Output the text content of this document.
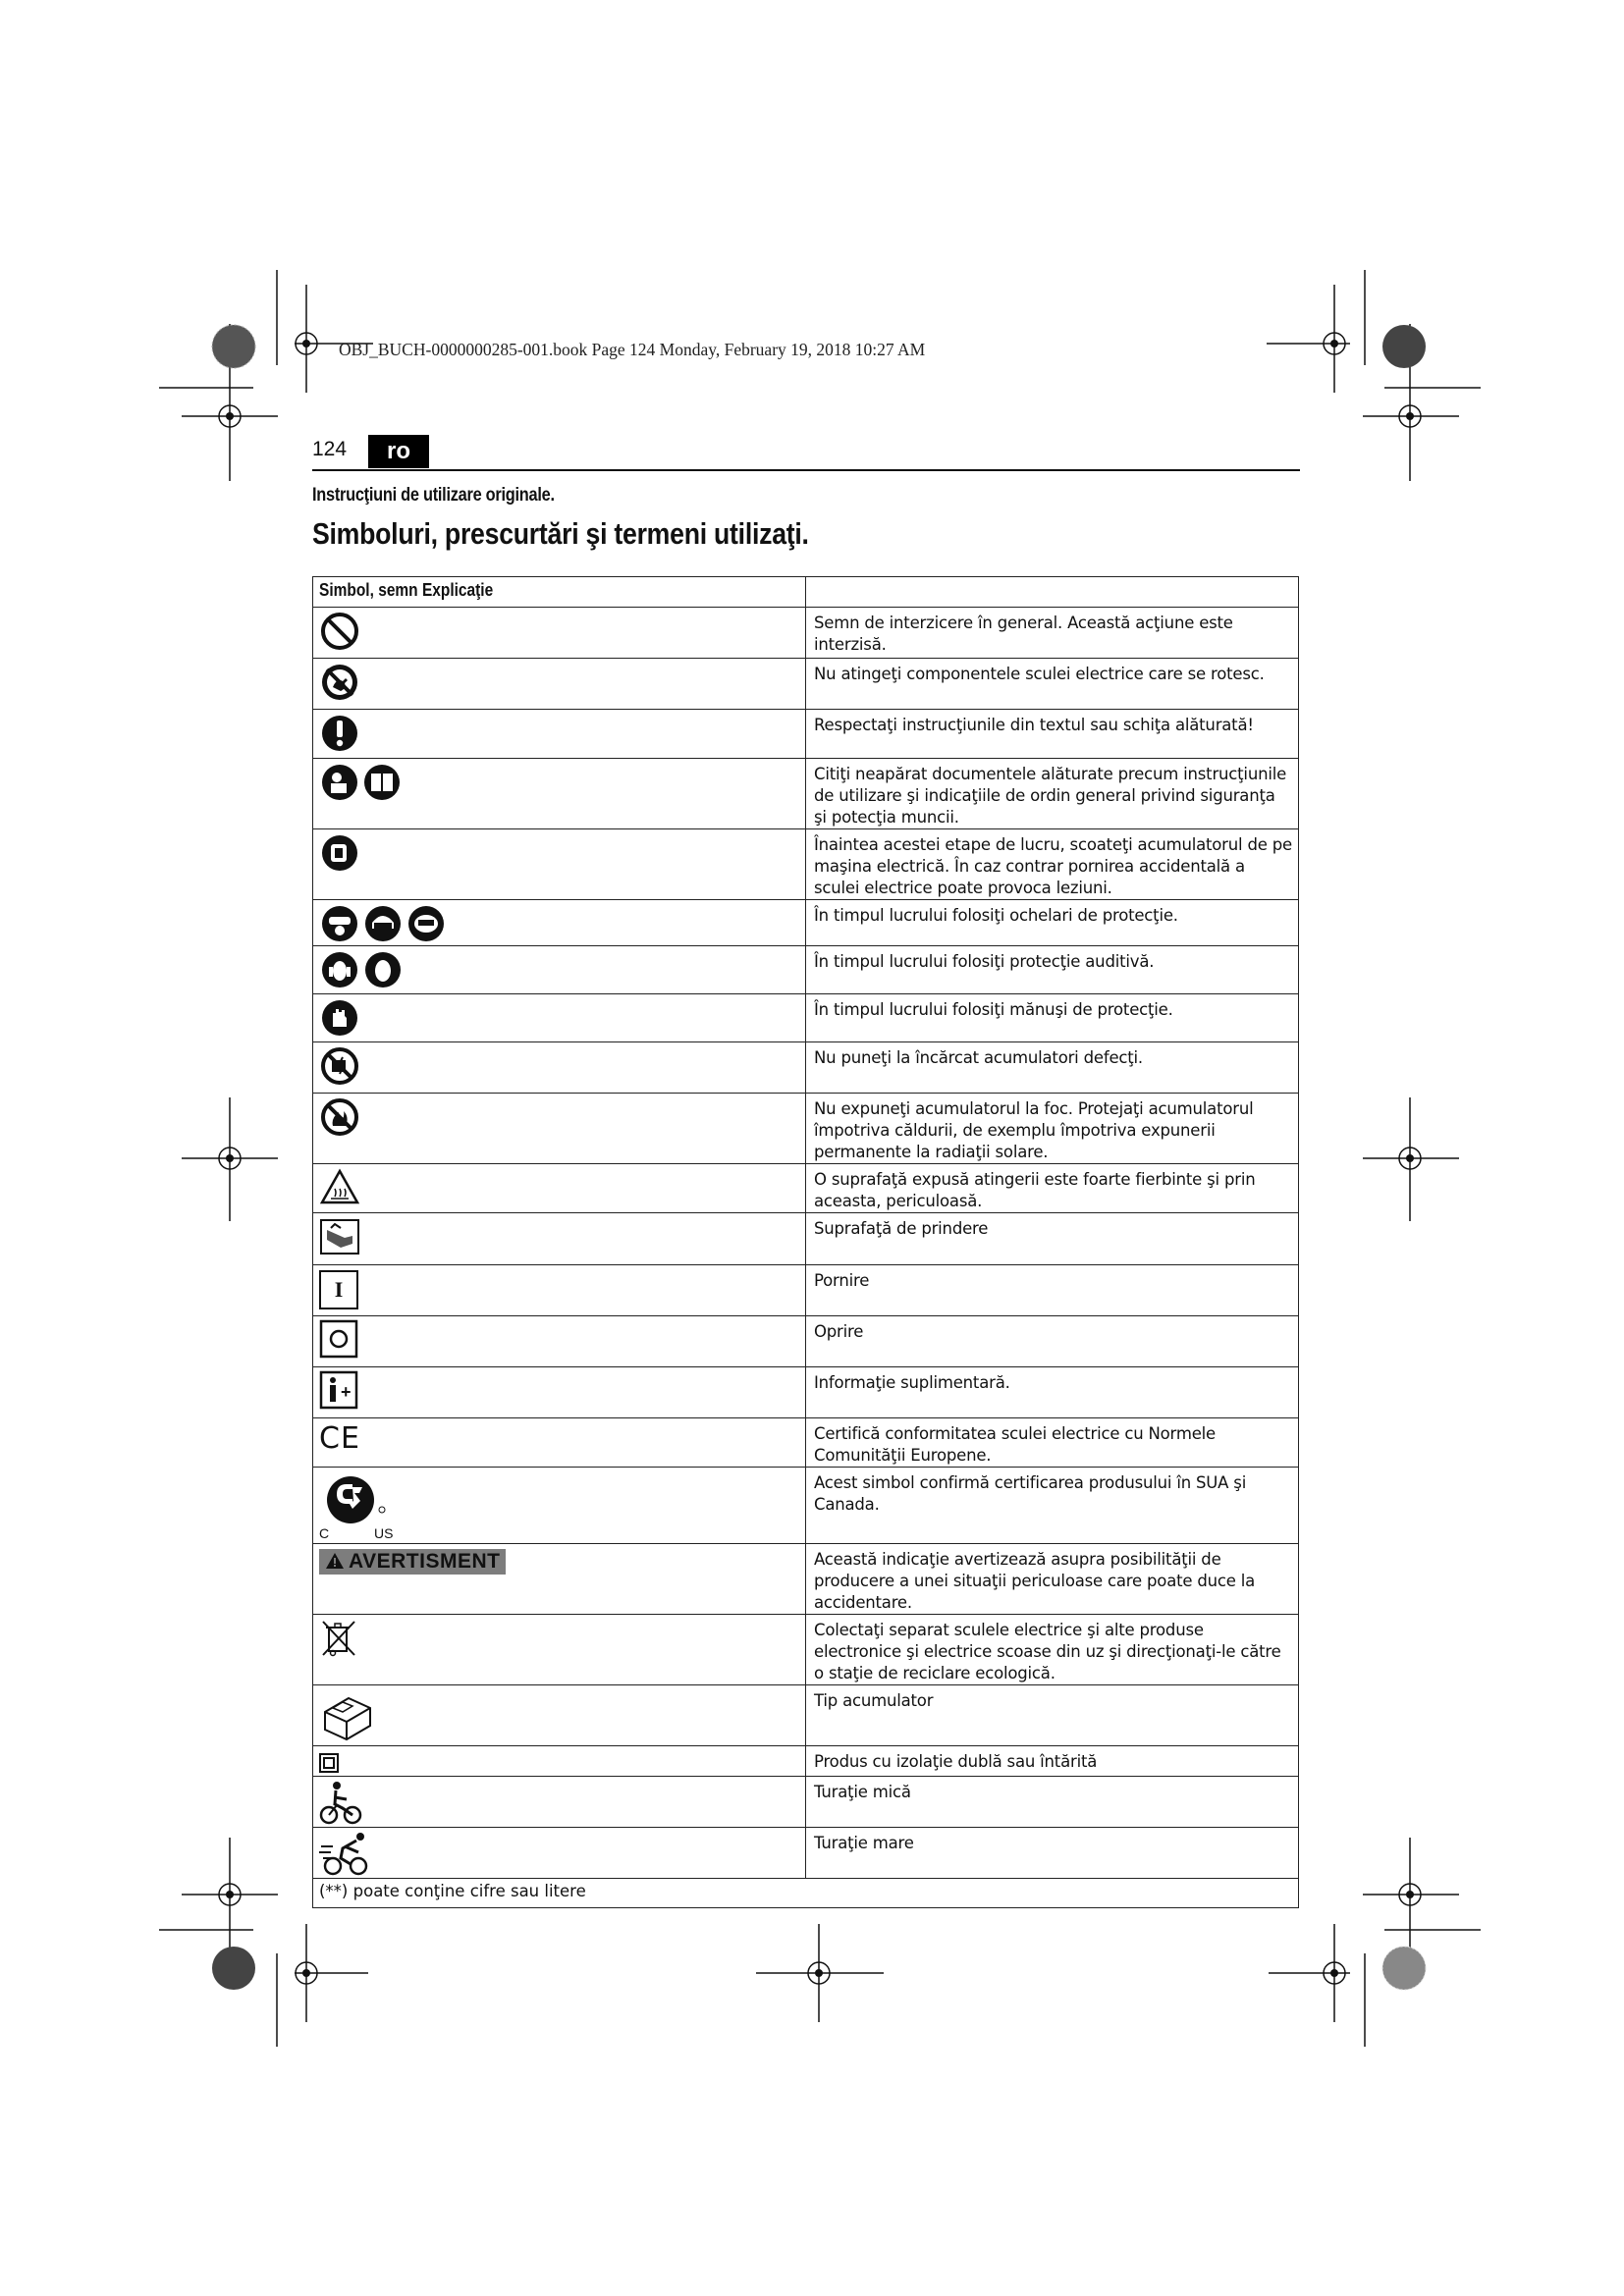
OBJ_BUCH-0000000285-001.book Page 124 Monday, February 19, 2018 10:27 AM
124	ro
Instrucţiuni de utilizare originale.
Simboluri, prescurtări şi termeni utilizaţi.
Simbol, semn Explicaţie	

	Semn de interzicere în general. Această acţiune este interzisă.

	Nu atingeţi componentele sculei electrice care se rotesc.

	Respectaţi instrucţiunile din textul sau schiţa alăturată!

	Citiţi neapărat documentele alăturate precum instrucţiunile de utilizare şi indicaţiile de ordin general privind siguranţa şi potecţia muncii.

	Înaintea acestei etape de lucru, scoateţi acumulatorul de pe maşina electrică. În caz contrar pornirea accidentală a sculei electrice poate provoca leziuni.

	În timpul lucrului folosiţi ochelari de protecţie.

	În timpul lucrului folosiţi protecţie auditivă.

	În timpul lucrului folosiţi mănuşi de protecţie.

	Nu puneţi la încărcat acumulatori defecţi.

	Nu expuneţi acumulatorul la foc. Protejaţi acumulatorul împotriva căldurii, de exemplu împotriva expunerii permanente la radiaţii solare.

	O suprafaţă expusă atingerii este foarte fierbinte şi prin aceasta, periculoasă.

	Suprafaţă de prindere
I	Pornire

	Oprire

+	Informaţie suplimentară.
CE	Certifică conformitatea sculei electrice cu Normele Comunităţii Europene.

C US	Acest simbol confirmă certificarea produsului în SUA şi Canada.
AVERTISMENT	Această indicaţie avertizează asupra posibilităţii de producere a unei situaţii periculoase care poate duce la accidentare.

	Colectaţi separat sculele electrice şi alte produse electronice şi electrice scoase din uz şi direcţionaţi-le către o staţie de reciclare ecologică.

	Tip acumulator

	Produs cu izolaţie dublă sau întărită

	Turaţie mică

	Turaţie mare
(**) poate conţine cifre sau litere	
